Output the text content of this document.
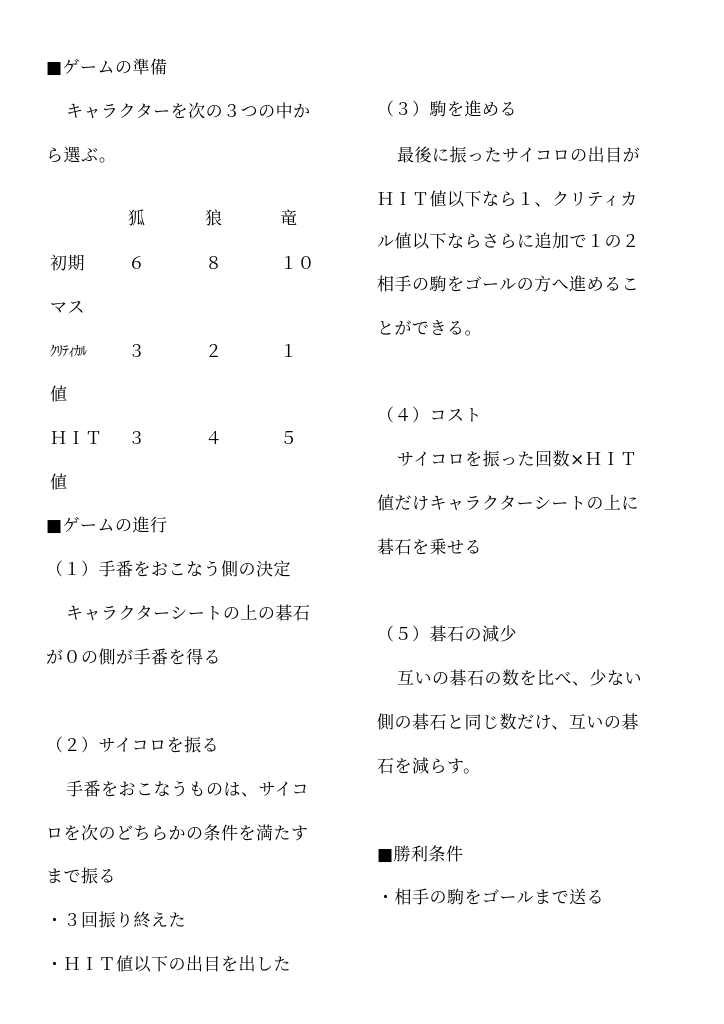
■ゲームの準備
キャラクターを次の３つの中か
ら選ぶ。
狐	狼	竜
初期	６	８	１０
マス
ｸﾘﾃｨｶﾙ ３	２	１
値
ＨＩＴ ３	４	５
値
■ゲームの進行
（１）手番をおこなう側の決定
キャラクターシートの上の碁石
が０の側が手番を得る
（２）サイコロを振る
手番をおこなうものは、サイコ
ロを次のどちらかの条件を満たす
まで振る
・３回振り終えた
・ＨＩＴ値以下の出目を出した
（３）駒を進める
最後に振ったサイコロの出目が
ＨＩＴ値以下なら１、クリティカ
ル値以下ならさらに追加で１の２
相手の駒をゴールの方へ進めるこ
とができる。
（４）コスト
サイコロを振った回数×ＨＩＴ
値だけキャラクターシートの上に
碁石を乗せる
（５）碁石の減少
互いの碁石の数を比べ、少ない
側の碁石と同じ数だけ、互いの碁
石を減らす。
■勝利条件
・相手の駒をゴールまで送る
